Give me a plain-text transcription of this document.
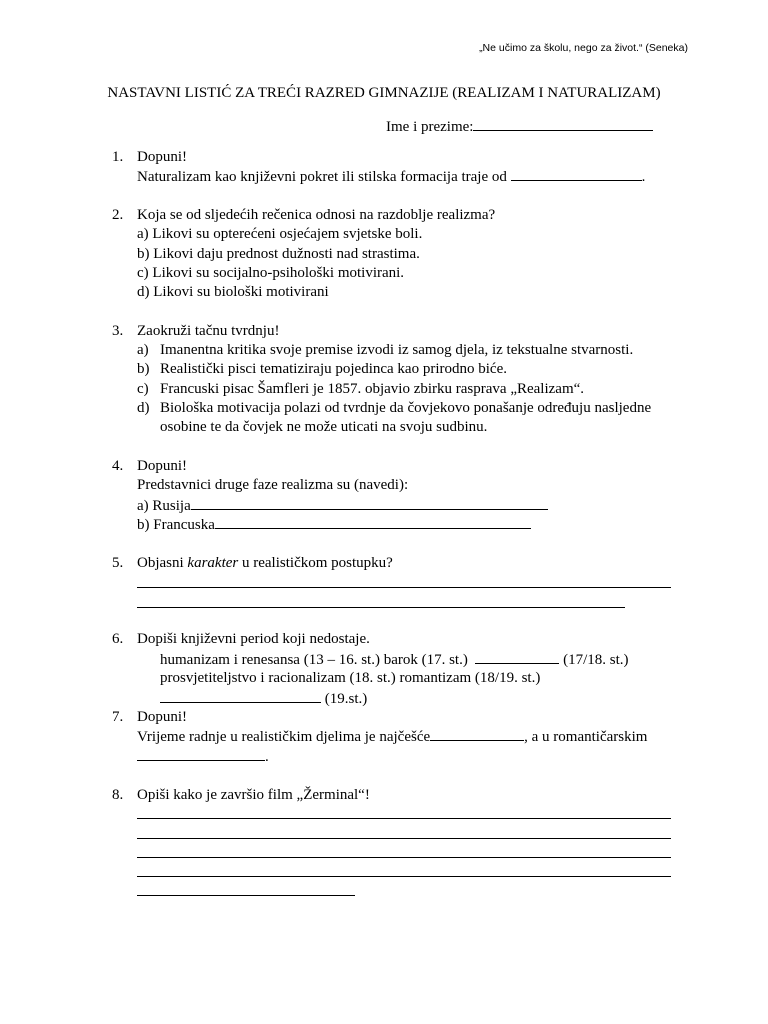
„Ne učimo za školu, nego za život.“ (Seneka)
NASTAVNI LISTIĆ ZA TREĆI RAZRED GIMNAZIJE (REALIZAM I NATURALIZAM)
Ime i prezime:
1. Dopuni!
Naturalizam kao književni pokret ili stilska formacija traje od	.
2. Koja se od sljedećih rečenica odnosi na razdoblje realizma?
a) Likovi su opterećeni osjećajem svjetske boli.
b) Likovi daju prednost dužnosti nad strastima.
c) Likovi su socijalno-psihološki motivirani.
d) Likovi su biološki motivirani
3. Zaokruži tačnu tvrdnju!
a) Imanentna kritika svoje premise izvodi iz samog djela, iz tekstualne stvarnosti.
b) Realistički pisci tematiziraju pojedinca kao prirodno biće.
c) Francuski pisac Šamfleri je 1857. objavio zbirku rasprava „Realizam“.
d) Biološka motivacija polazi od tvrdnje da čovjekovo ponašanje određuju nasljedne
osobine te da čovjek ne može uticati na svoju sudbinu.
4. Dopuni!
Predstavnici druge faze realizma su (navedi):
a) Rusija
b) Francuska
5. Objasni karakter u realističkom postupku?
6. Dopiši književni period koji nedostaje.
humanizam i renesansa (13 – 16. st.) barok (17. st.)	(17/18. st.)
prosvjetiteljstvo i racionalizam (18. st.) romantizam (18/19. st.)
(19.st.)
7. Dopuni!
Vrijeme radnje u realističkim djelima je najčešće	, a u romantičarskim
.
8. Opiši kako je završio film „Žerminal“!
